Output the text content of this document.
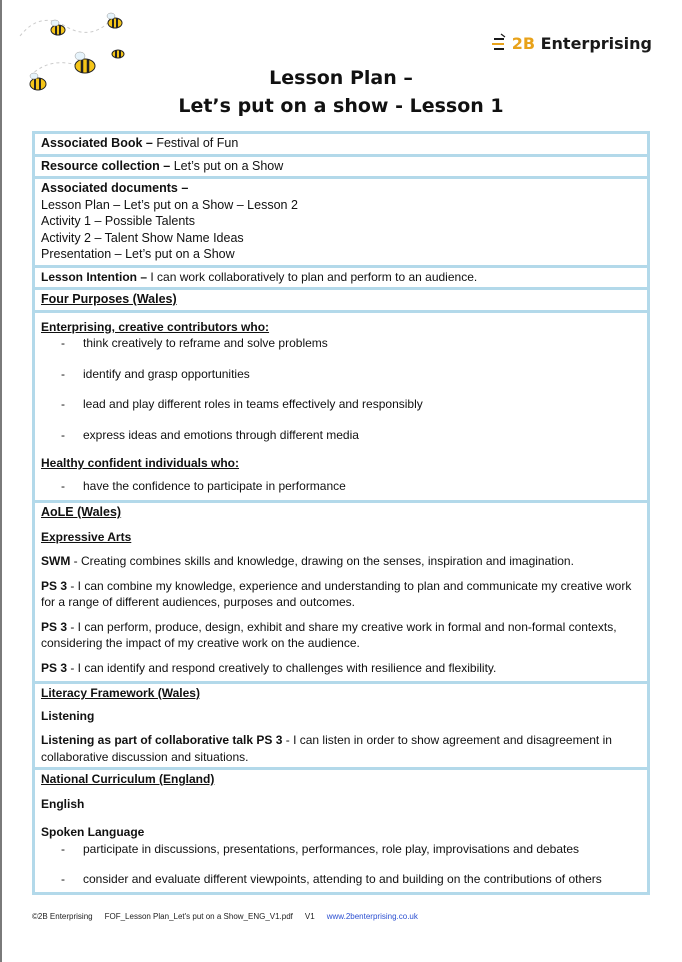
2B Enterprising
Lesson Plan –
Let’s put on a show - Lesson 1
Associated Book – Festival of Fun
Resource collection – Let’s put on a Show
Associated documents –
Lesson Plan – Let’s put on a Show – Lesson 2
Activity 1 – Possible Talents
Activity 2 – Talent Show Name Ideas
Presentation – Let’s put on a Show
Lesson Intention – I can work collaboratively to plan and perform to an audience.
Four Purposes (Wales)
Enterprising, creative contributors who:
- think creatively to reframe and solve problems
- identify and grasp opportunities
- lead and play different roles in teams effectively and responsibly
- express ideas and emotions through different media
Healthy confident individuals who:
- have the confidence to participate in performance
AoLE (Wales)
Expressive Arts
SWM - Creating combines skills and knowledge, drawing on the senses, inspiration and imagination.
PS 3 - I can combine my knowledge, experience and understanding to plan and communicate my creative work for a range of different audiences, purposes and outcomes.
PS 3 - I can perform, produce, design, exhibit and share my creative work in formal and non-formal contexts, considering the impact of my creative work on the audience.
PS 3 - I can identify and respond creatively to challenges with resilience and flexibility.
Literacy Framework (Wales)
Listening
Listening as part of collaborative talk PS 3 - I can listen in order to show agreement and disagreement in collaborative discussion and situations.
National Curriculum (England)
English
Spoken Language
- participate in discussions, presentations, performances, role play, improvisations and debates
- consider and evaluate different viewpoints, attending to and building on the contributions of others
©2B Enterprising FOF_Lesson Plan_Let's put on a Show_ENG_V1.pdf V1 www.2benterprising.co.uk
